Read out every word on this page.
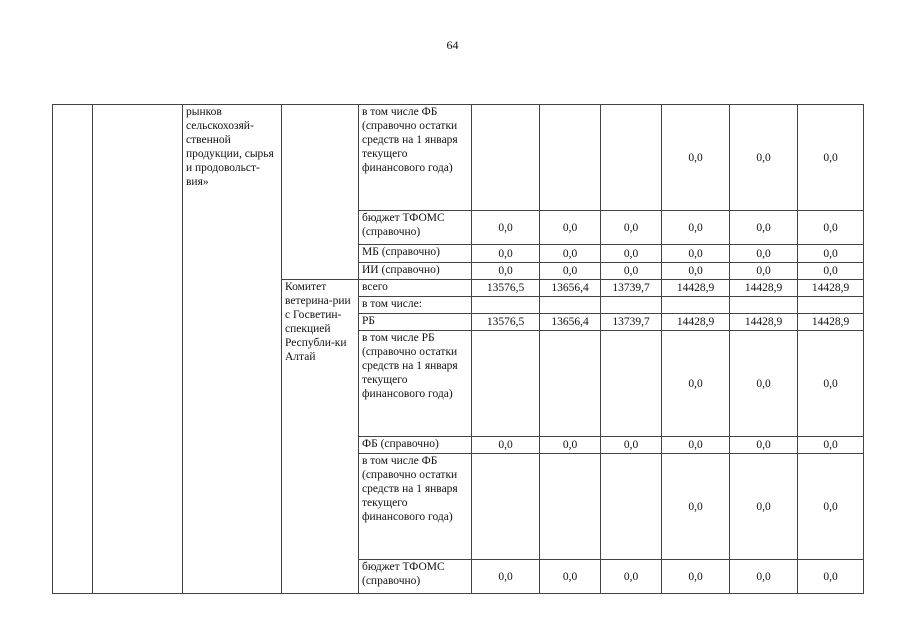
64
		рынков сельскохозяй-ственной продукции, сырья и продовольст-вия»		в том числе ФБ (справочно остатки средств на 1 января текущего финансового года)				0,0	0,0	0,0
				бюджет ТФОМС (справочно)	0,0	0,0	0,0	0,0	0,0	0,0
				МБ (справочно)	0,0	0,0	0,0	0,0	0,0	0,0
				ИИ (справочно)	0,0	0,0	0,0	0,0	0,0	0,0
			Комитет ветерина-рии с Госветин-спекцией Республи-ки Алтай	всего	13576,5	13656,4	13739,7	14428,9	14428,9	14428,9
				в том числе:						
				РБ	13576,5	13656,4	13739,7	14428,9	14428,9	14428,9
				в том числе РБ (справочно остатки средств на 1 января текущего финансового года)				0,0	0,0	0,0
				ФБ (справочно)	0,0	0,0	0,0	0,0	0,0	0,0
				в том числе ФБ (справочно остатки средств на 1 января текущего финансового года)				0,0	0,0	0,0
				бюджет ТФОМС (справочно)	0,0	0,0	0,0	0,0	0,0	0,0
